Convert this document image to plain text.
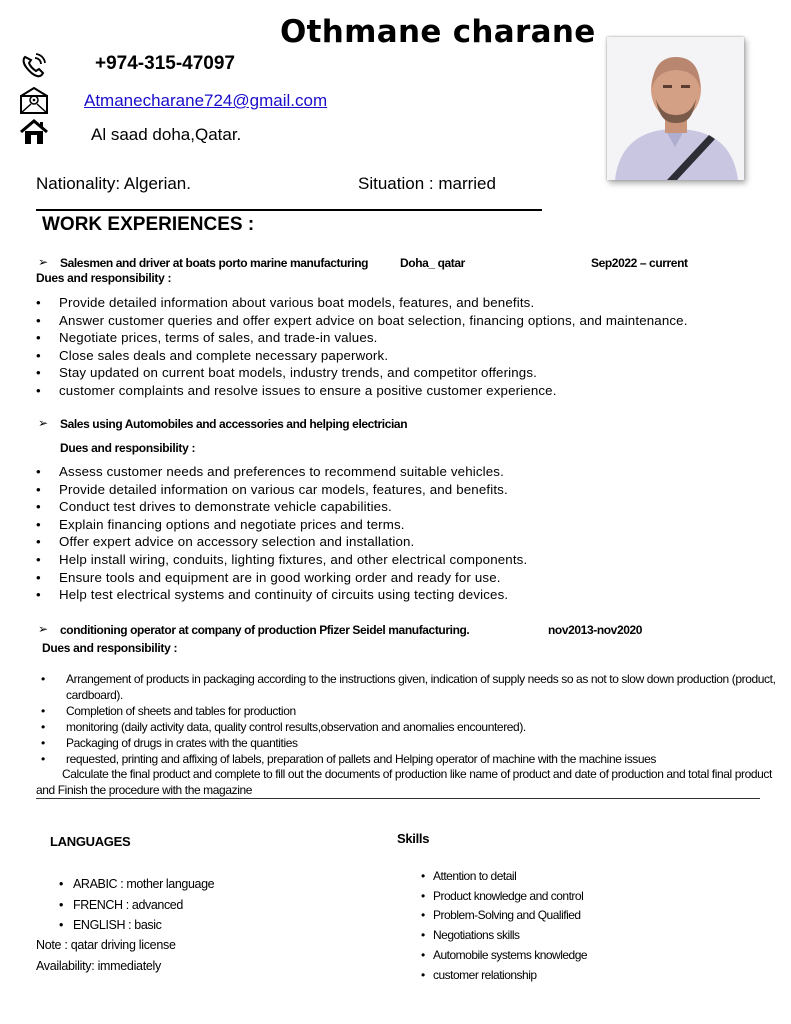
Othmane charane
+974-315-47097
Atmanecharane724@gmail.com
Al saad doha,Qatar.
Nationality: Algerian.	Situation : married
WORK EXPERIENCES :
➢ Salesmen and driver at boats porto marine manufacturing	Doha_ qatar	Sep2022 – current
Dues and responsibility :
• Provide detailed information about various boat models, features, and benefits.
• Answer customer queries and offer expert advice on boat selection, financing options, and maintenance.
• Negotiate prices, terms of sales, and trade-in values.
• Close sales deals and complete necessary paperwork.
• Stay updated on current boat models, industry trends, and competitor offerings.
• customer complaints and resolve issues to ensure a positive customer experience.
➢ Sales using Automobiles and accessories and helping electrician
Dues and responsibility :
• Assess customer needs and preferences to recommend suitable vehicles.
• Provide detailed information on various car models, features, and benefits.
• Conduct test drives to demonstrate vehicle capabilities.
• Explain financing options and negotiate prices and terms.
• Offer expert advice on accessory selection and installation.
• Help install wiring, conduits, lighting fixtures, and other electrical components.
• Ensure tools and equipment are in good working order and ready for use.
• Help test electrical systems and continuity of circuits using tecting devices.
➢ conditioning operator at company of production Pfizer Seidel manufacturing.	nov2013-nov2020
Dues and responsibility :
• Arrangement of products in packaging according to the instructions given, indication of supply needs so as not to slow down production (product, cardboard).
• Completion of sheets and tables for production
• monitoring (daily activity data, quality control results,observation and anomalies encountered).
• Packaging of drugs in crates with the quantities
• requested, printing and affixing of labels, preparation of pallets and Helping operator of machine with the machine issues
Calculate the final product and complete to fill out the documents of production like name of product and date of production and total final product and Finish the procedure with the magazine
LANGUAGES
• ARABIC : mother language
• FRENCH : advanced
• ENGLISH : basic
Note : qatar driving license
Availability: immediately
Skills
• Attention to detail
• Product knowledge and control
• Problem-Solving and Qualified
• Negotiations skills
• Automobile systems knowledge
• customer relationship
